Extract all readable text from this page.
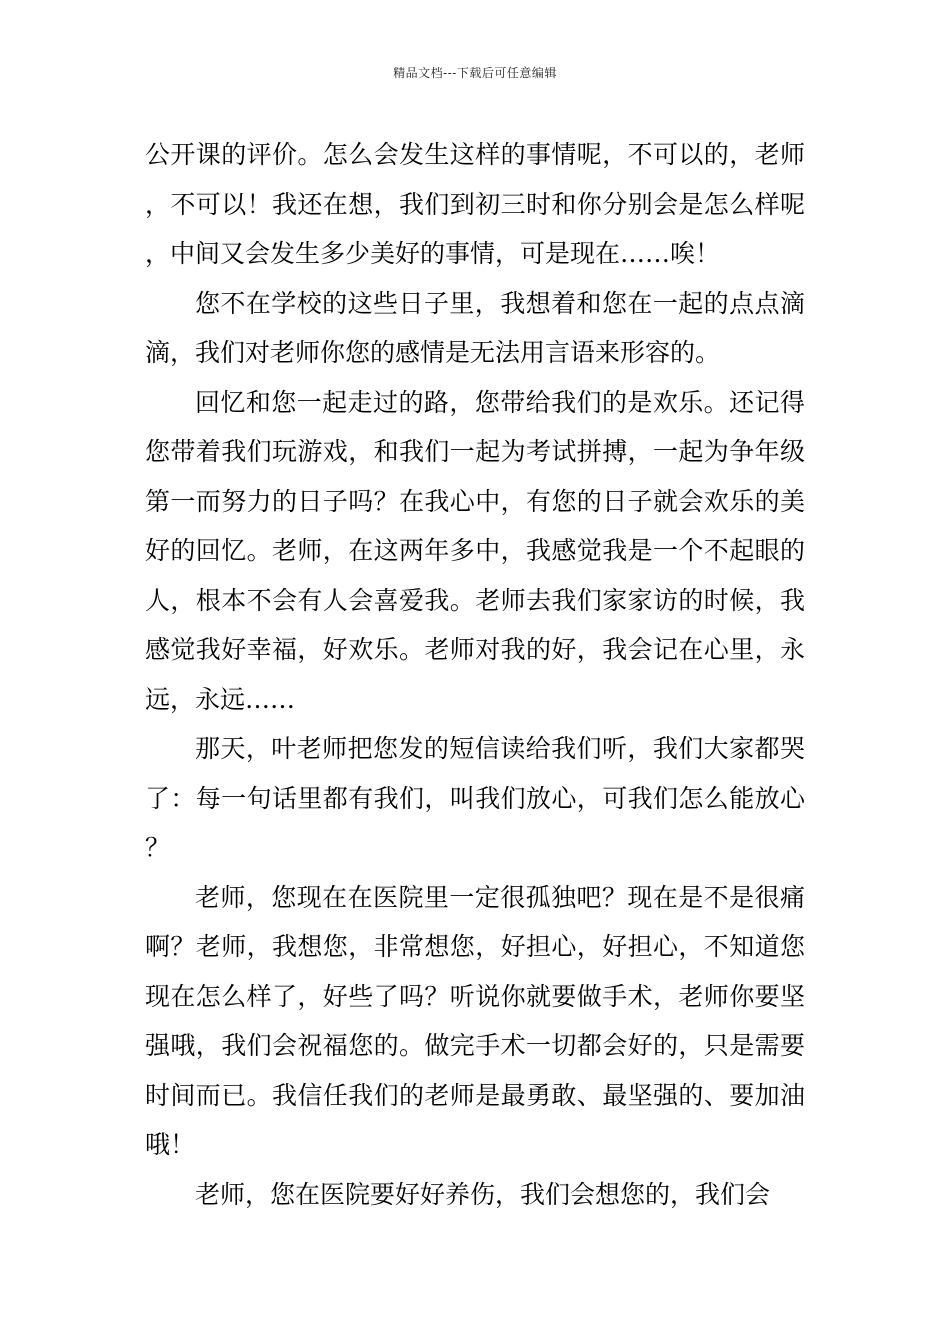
精品文档---下载后可任意编辑

公开课的评价。怎么会发生这样的事情呢，不可以的，老师，不可以！我还在想，我们到初三时和你分别会是怎么样呢，中间又会发生多少美好的事情，可是现在……唉！

您不在学校的这些日子里，我想着和您在一起的点点滴滴，我们对老师你您的感情是无法用言语来形容的。

回忆和您一起走过的路，您带给我们的是欢乐。还记得您带着我们玩游戏，和我们一起为考试拼搏，一起为争年级第一而努力的日子吗？在我心中，有您的日子就会欢乐的美好的回忆。老师，在这两年多中，我感觉我是一个不起眼的人，根本不会有人会喜爱我。老师去我们家家访的时候，我感觉我好幸福，好欢乐。老师对我的好，我会记在心里，永远，永远……

那天，叶老师把您发的短信读给我们听，我们大家都哭了：每一句话里都有我们，叫我们放心，可我们怎么能放心？

老师，您现在在医院里一定很孤独吧？现在是不是很痛啊？老师，我想您，非常想您，好担心，好担心，不知道您现在怎么样了，好些了吗？听说你就要做手术，老师你要坚强哦，我们会祝福您的。做完手术一切都会好的，只是需要时间而已。我信任我们的老师是最勇敢、最坚强的、要加油哦！

老师，您在医院要好好养伤，我们会想您的，我们会
